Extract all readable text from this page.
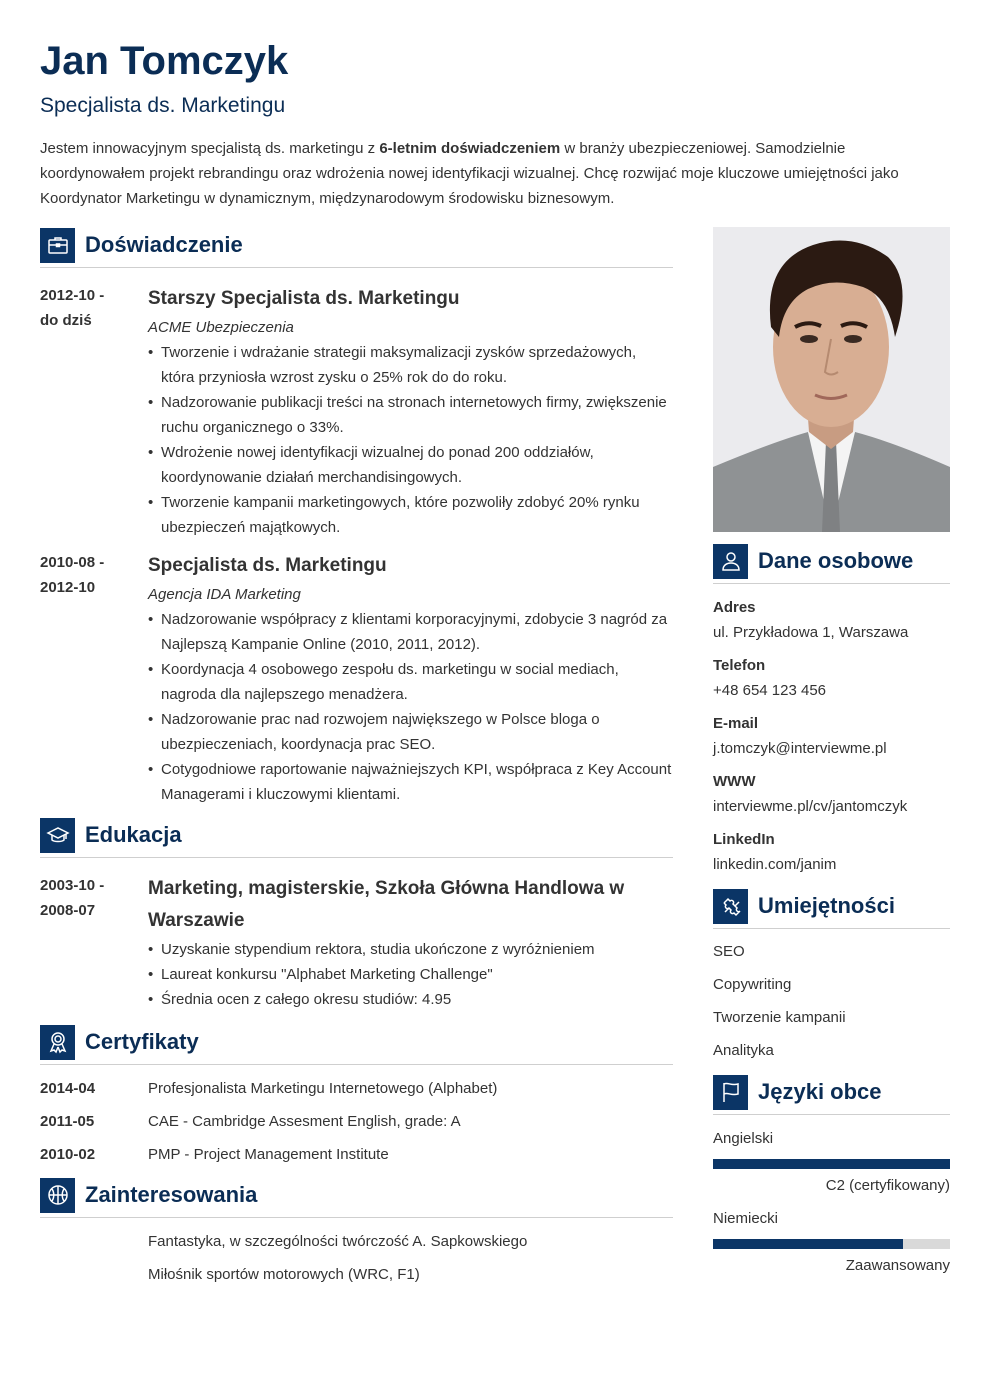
Jan Tomczyk
Specjalista ds. Marketingu

Jestem innowacyjnym specjalistą ds. marketingu z 6-letnim doświadczeniem w branży ubezpieczeniowej. Samodzielnie koordynowałem projekt rebrandingu oraz wdrożenia nowej identyfikacji wizualnej. Chcę rozwijać moje kluczowe umiejętności jako Koordynator Marketingu w dynamicznym, międzynarodowym środowisku biznesowym.

Doświadczenie
2012-10 -
do dziś
Starszy Specjalista ds. Marketingu
ACME Ubezpieczenia
• Tworzenie i wdrażanie strategii maksymalizacji zysków sprzedażowych, która przyniosła wzrost zysku o 25% rok do do roku.
• Nadzorowanie publikacji treści na stronach internetowych firmy, zwiększenie ruchu organicznego o 33%.
• Wdrożenie nowej identyfikacji wizualnej do ponad 200 oddziałów, koordynowanie działań merchandisingowych.
• Tworzenie kampanii marketingowych, które pozwoliły zdobyć 20% rynku ubezpieczeń majątkowych.
2010-08 -
2012-10
Specjalista ds. Marketingu
Agencja IDA Marketing
• Nadzorowanie współpracy z klientami korporacyjnymi, zdobycie 3 nagród za Najlepszą Kampanie Online (2010, 2011, 2012).
• Koordynacja 4 osobowego zespołu ds. marketingu w social mediach, nagroda dla najlepszego menadżera.
• Nadzorowanie prac nad rozwojem największego w Polsce bloga o ubezpieczeniach, koordynacja prac SEO.
• Cotygodniowe raportowanie najważniejszych KPI, współpraca z Key Account Managerami i kluczowymi klientami.
Edukacja
2003-10 -
2008-07
Marketing, magisterskie, Szkoła Główna Handlowa w Warszawie
• Uzyskanie stypendium rektora, studia ukończone z wyróżnieniem
• Laureat konkursu "Alphabet Marketing Challenge"
• Średnia ocen z całego okresu studiów: 4.95
Certyfikaty
2014-04	Profesjonalista Marketingu Internetowego (Alphabet)
2011-05	CAE - Cambridge Assesment English, grade: A
2010-02	PMP - Project Management Institute
Zainteresowania
Fantastyka, w szczególności twórczość A. Sapkowskiego
Miłośnik sportów motorowych (WRC, F1)
Dane osobowe
Adres
ul. Przykładowa 1, Warszawa
Telefon
+48 654 123 456
E-mail
j.tomczyk@interviewme.pl
WWW
interviewme.pl/cv/jantomczyk
LinkedIn
linkedin.com/janim
Umiejętności
SEO
Copywriting
Tworzenie kampanii
Analityka
Języki obce
Angielski
C2 (certyfikowany)
Niemiecki
Zaawansowany
